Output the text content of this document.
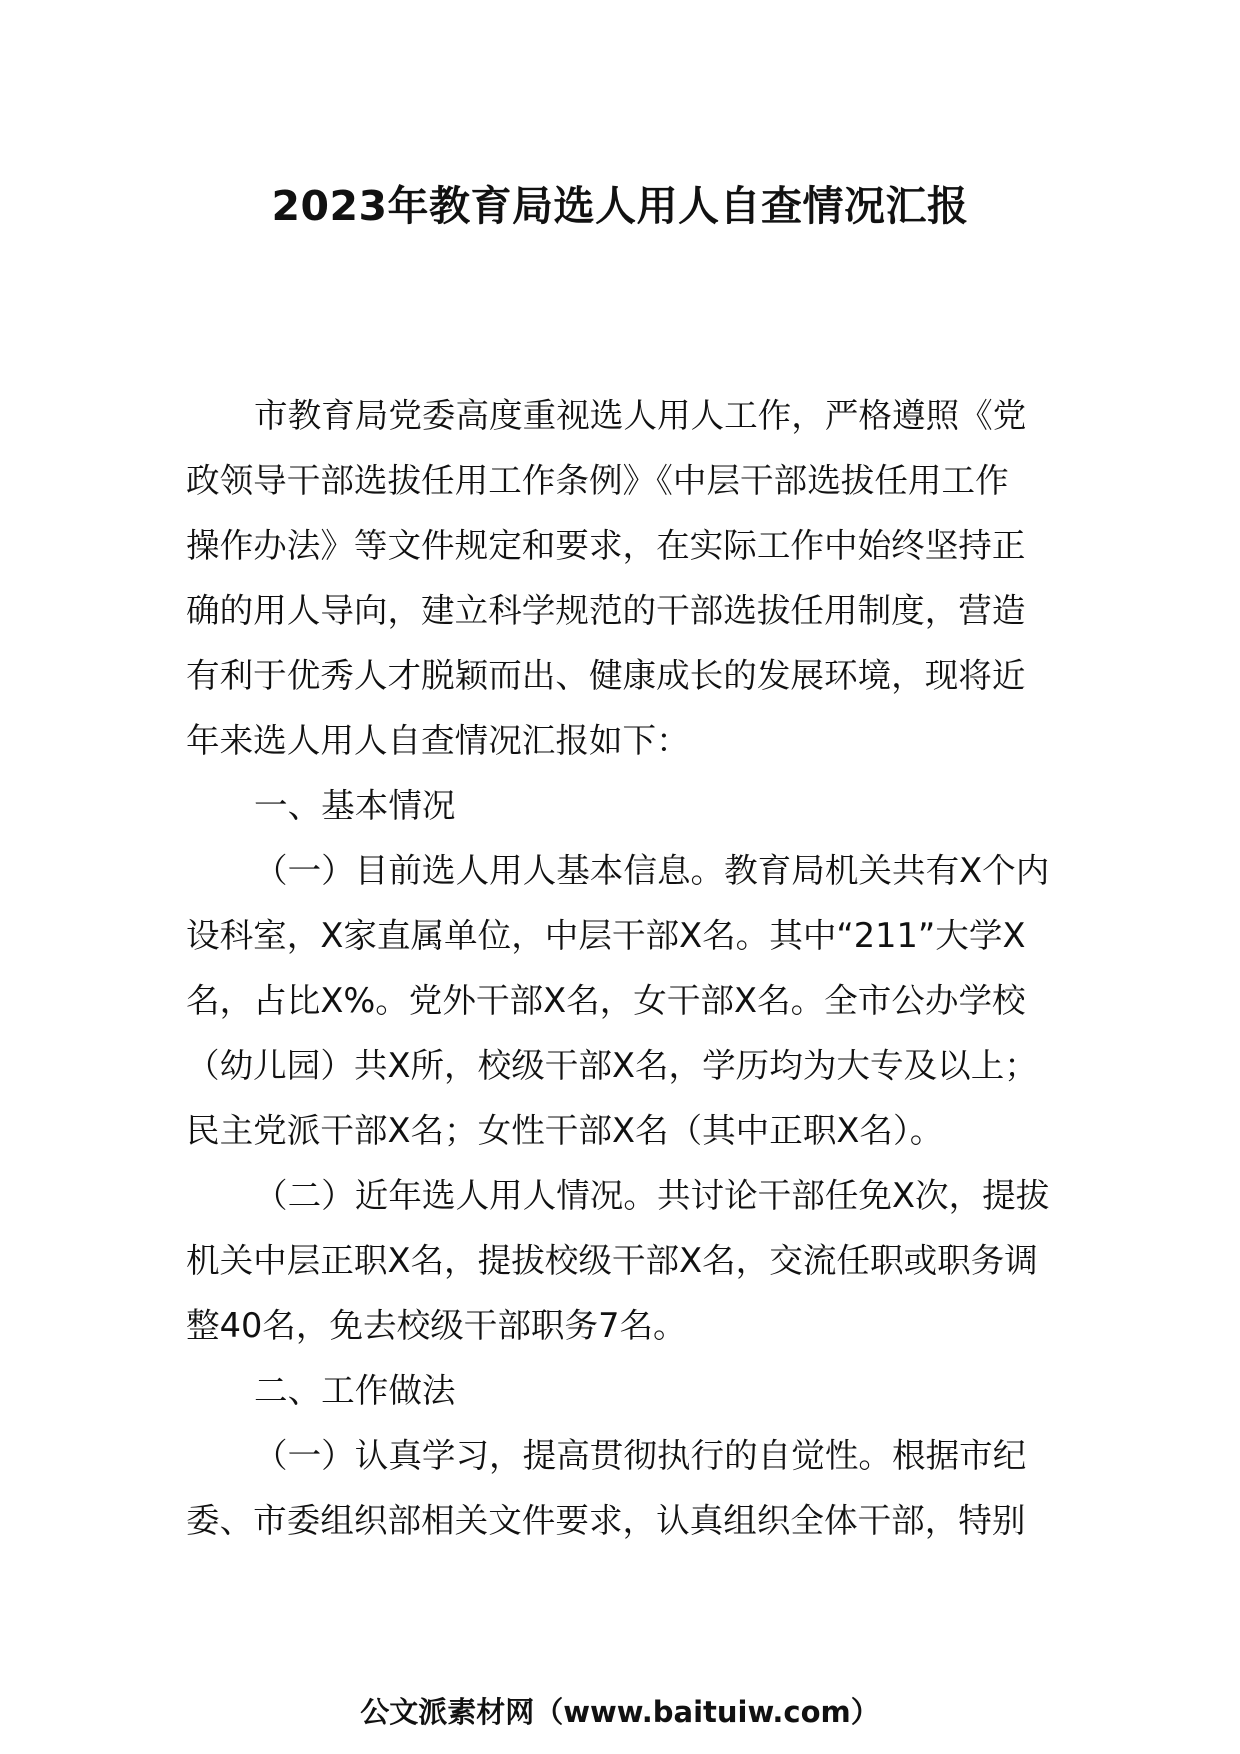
2023年教育局选人用人自查情况汇报
市教育局党委高度重视选人用人工作，严格遵照《党
政领导干部选拔任用工作条例》《中层干部选拔任用工作
操作办法》等文件规定和要求，在实际工作中始终坚持正
确的用人导向，建立科学规范的干部选拔任用制度，营造
有利于优秀人才脱颖而出、健康成长的发展环境，现将近
年来选人用人自查情况汇报如下：
一、基本情况
（一）目前选人用人基本信息。教育局机关共有X个内
设科室，X家直属单位，中层干部X名。其中“211”大学X
名，占比X%。党外干部X名，女干部X名。全市公办学校
（幼儿园）共X所，校级干部X名，学历均为大专及以上；
民主党派干部X名；女性干部X名（其中正职X名）。
（二）近年选人用人情况。共讨论干部任免X次，提拔
机关中层正职X名，提拔校级干部X名，交流任职或职务调
整40名，免去校级干部职务7名。
二、工作做法
（一）认真学习，提高贯彻执行的自觉性。根据市纪
委、市委组织部相关文件要求，认真组织全体干部，特别
公文派素材网（www.baituiw.com）
